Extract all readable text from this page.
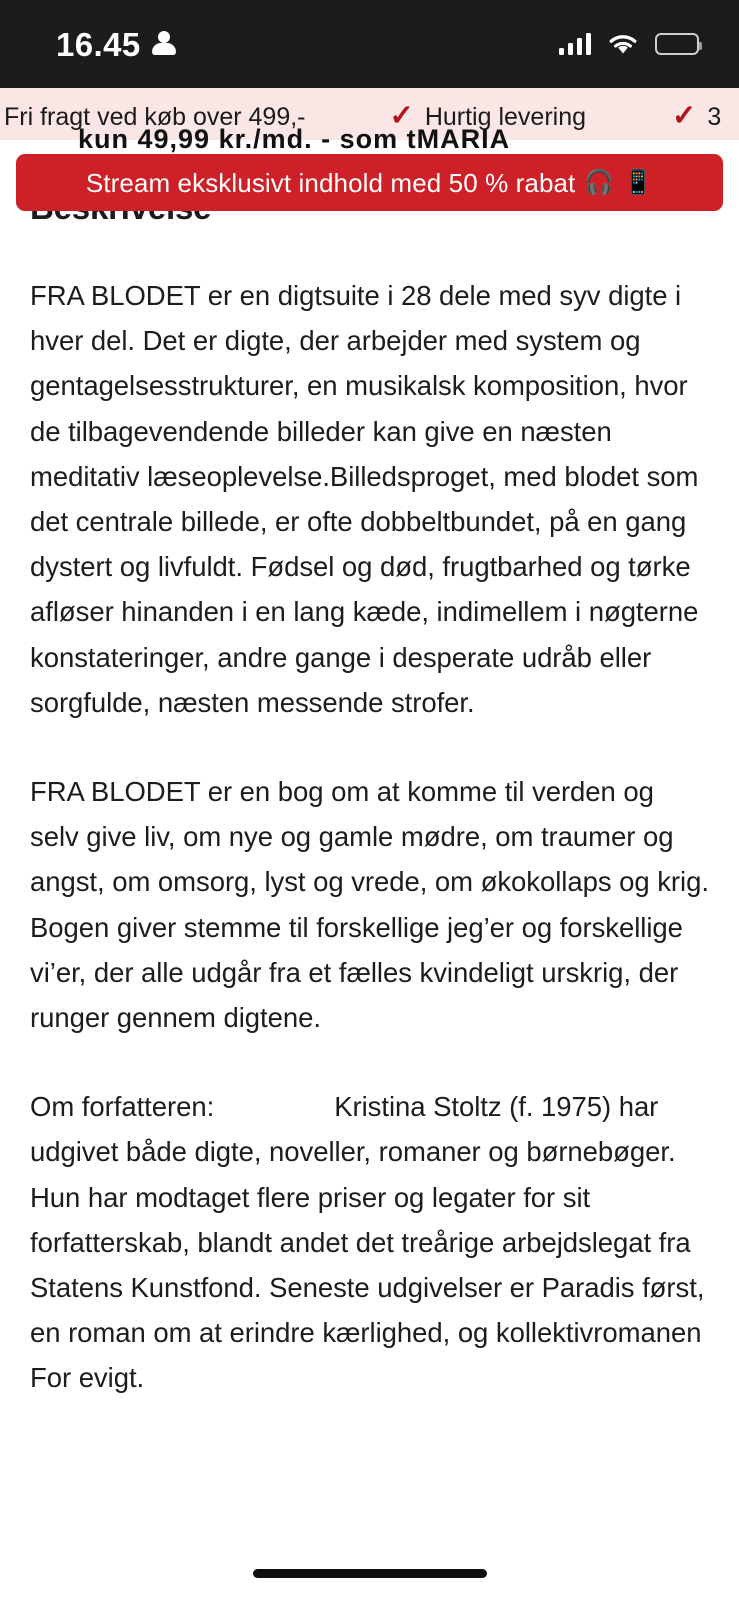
16.45
Fri fragt ved køb over 499,-	✓ Hurtig levering	✓ 3
kun 49,99 kr./md. - som tMARIA
Stream eksklusivt indhold med 50 % rabat 🎧 📱

FRA BLODET er en digtsuite i 28 dele med syv digte i hver del. Det er digte, der arbejder med system og gentagelsesstrukturer, en musikalsk komposition, hvor de tilbagevendende billeder kan give en næsten meditativ læseoplevelse.Billedsproget, med blodet som det centrale billede, er ofte dobbeltbundet, på en gang dystert og livfuldt. Fødsel og død, frugtbarhed og tørke afløser hinanden i en lang kæde, indimellem i nøgterne konstateringer, andre gange i desperate udråb eller sorgfulde, næsten messende strofer.

FRA BLODET er en bog om at komme til verden og selv give liv, om nye og gamle mødre, om traumer og angst, om omsorg, lyst og vrede, om økokollaps og krig. Bogen giver stemme til forskellige jeg’er og forskellige vi’er, der alle udgår fra et fælles kvindeligt urskrig, der runger gennem digtene.

Om forfatteren:	Kristina Stoltz (f. 1975) har udgivet både digte, noveller, romaner og børnebøger. Hun har modtaget flere priser og legater for sit forfatterskab, blandt andet det treårige arbejdslegat fra Statens Kunstfond. Seneste udgivelser er Paradis først, en roman om at erindre kærlighed, og kollektivromanen For evigt.
